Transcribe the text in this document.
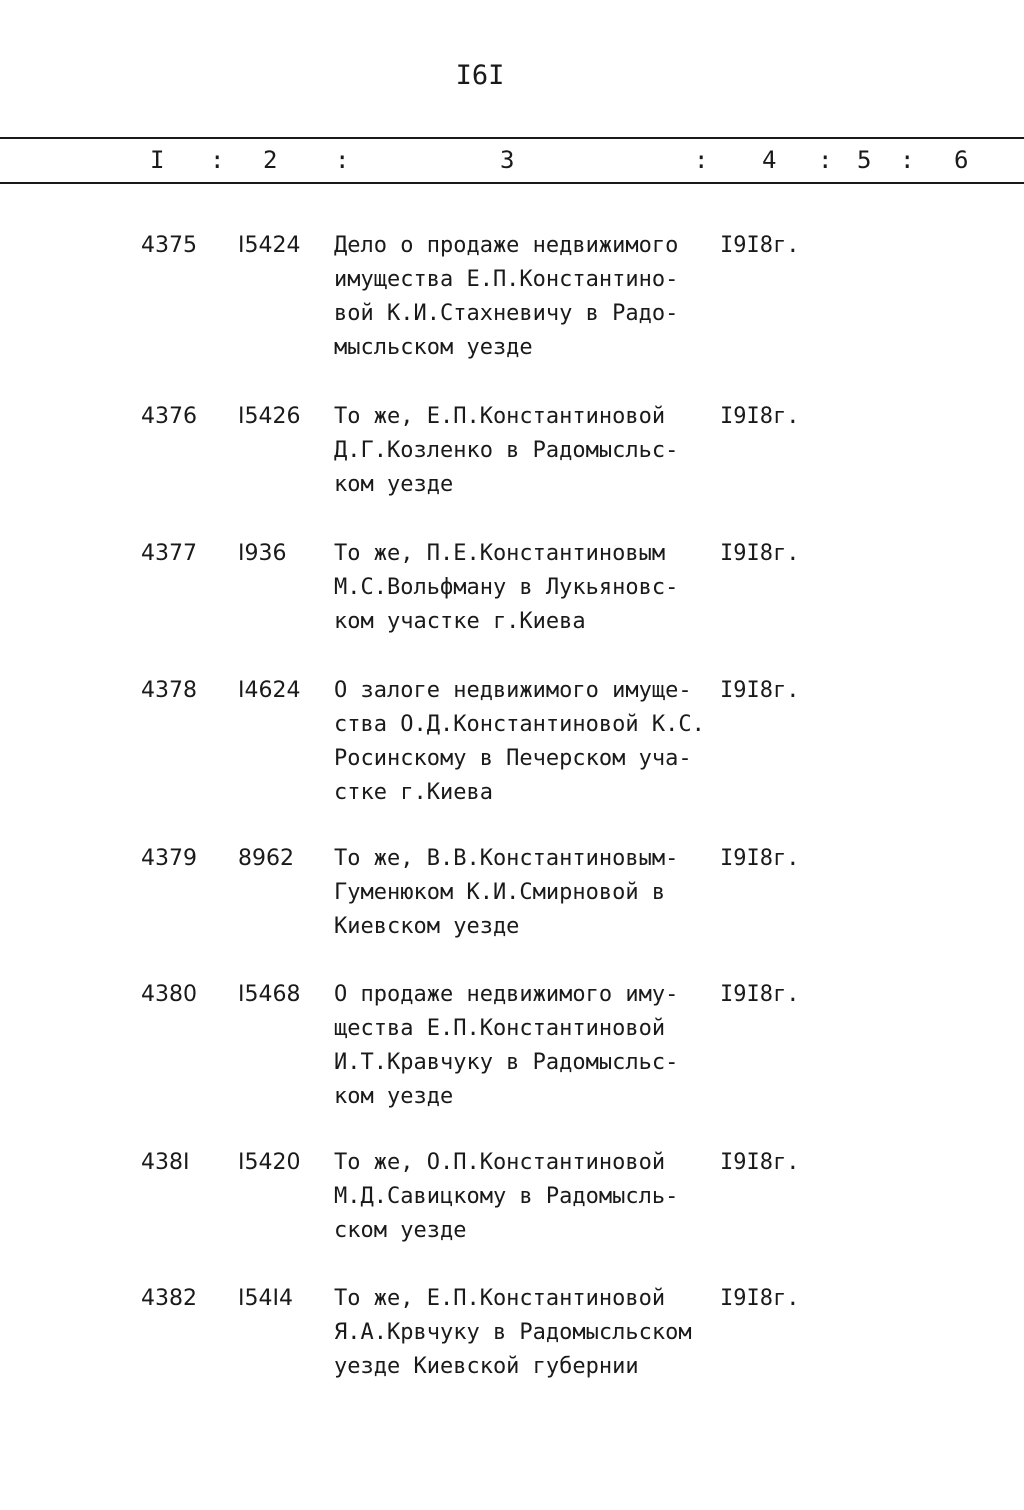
I6I
I : 2 :	3	: 4 : 5 : 6
4375 I5424 Дело о продаже недвижимого
имущества Е.П.Константино-
вой К.И.Стахневичу в Радо-
мысльском уезде
I9I8г.
4376 I5426 То же, Е.П.Константиновой
Д.Г.Козленко в Радомысльс-
ком уезде
I9I8г.
4377 I936 То же, П.Е.Константиновым
М.С.Вольфману в Лукьяновс-
ком участке г.Киева
I9I8г.
4378 I4624 О залоге недвижимого имуще-
ства О.Д.Константиновой К.С.
Росинскому в Печерском уча-
стке г.Киева
I9I8г.
4379 8962 То же, В.В.Константиновым-
Гуменюком К.И.Смирновой в
Киевском уезде
I9I8г.
4380 I5468 О продаже недвижимого иму-
щества Е.П.Константиновой
И.Т.Кравчуку в Радомысльс-
ком уезде
I9I8г.
438I I5420 То же, О.П.Константиновой
М.Д.Савицкому в Радомысль-
ском уезде
I9I8г.
4382 I54I4 То же, Е.П.Константиновой
Я.А.Крвчуку в Радомысльском
уезде Киевской губернии
I9I8г.
